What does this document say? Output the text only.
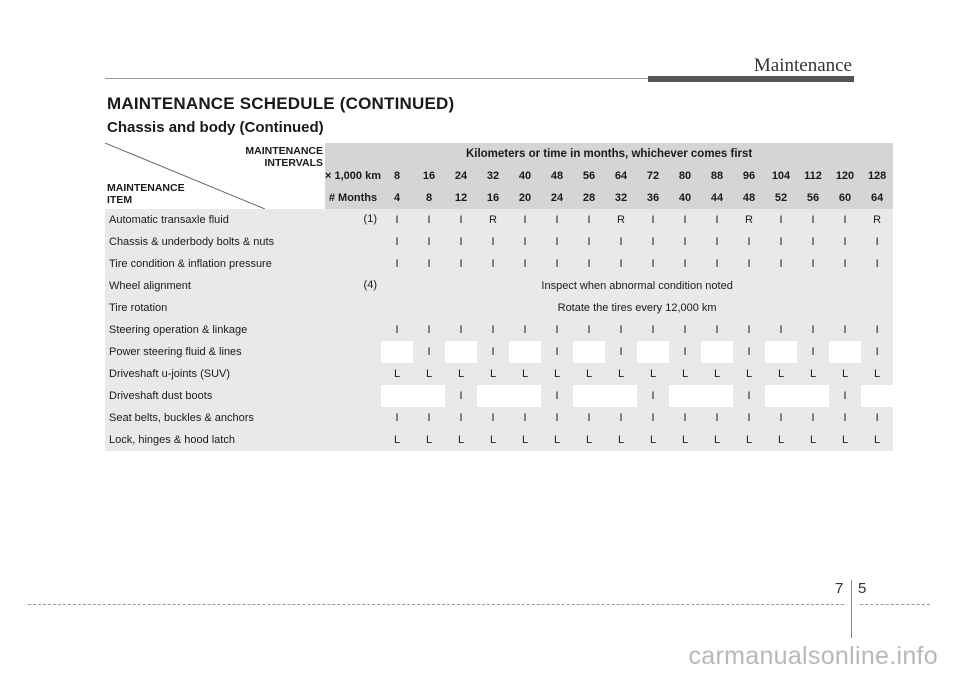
Maintenance
MAINTENANCE SCHEDULE (CONTINUED)
Chassis and body (Continued)
MAINTENANCE INTERVALS
MAINTENANCE ITEM	Kilometers or time in months, whichever comes first																
	× 1,000 km	8	16	24	32	40	48	56	64	72	80	88	96	104	112	120	128
	# Months	4	8	12	16	20	24	28	32	36	40	44	48	52	56	60	64
Automatic transaxle fluid (1)		I	I	I	R	I	I	I	R	I	I	I	R	I	I	I	R
Chassis & underbody bolts & nuts		I	I	I	I	I	I	I	I	I	I	I	I	I	I	I	I
Tire condition & inflation pressure		I	I	I	I	I	I	I	I	I	I	I	I	I	I	I	I
Wheel alignment (4)		Inspect when abnormal condition noted															
Tire rotation		Rotate the tires every 12,000 km															
Steering operation & linkage		I	I	I	I	I	I	I	I	I	I	I	I	I	I	I	I
Power steering fluid & lines			I		I		I		I		I		I		I		I
Driveshaft u-joints (SUV)		L	L	L	L	L	L	L	L	L	L	L	L	L	L	L	L
Driveshaft dust boots				I			I			I			I			I	
Seat belts, buckles & anchors		I	I	I	I	I	I	I	I	I	I	I	I	I	I	I	I
Lock, hinges & hood latch		L	L	L	L	L	L	L	L	L	L	L	L	L	L	L	L
7 5
carmanualsonline.info
